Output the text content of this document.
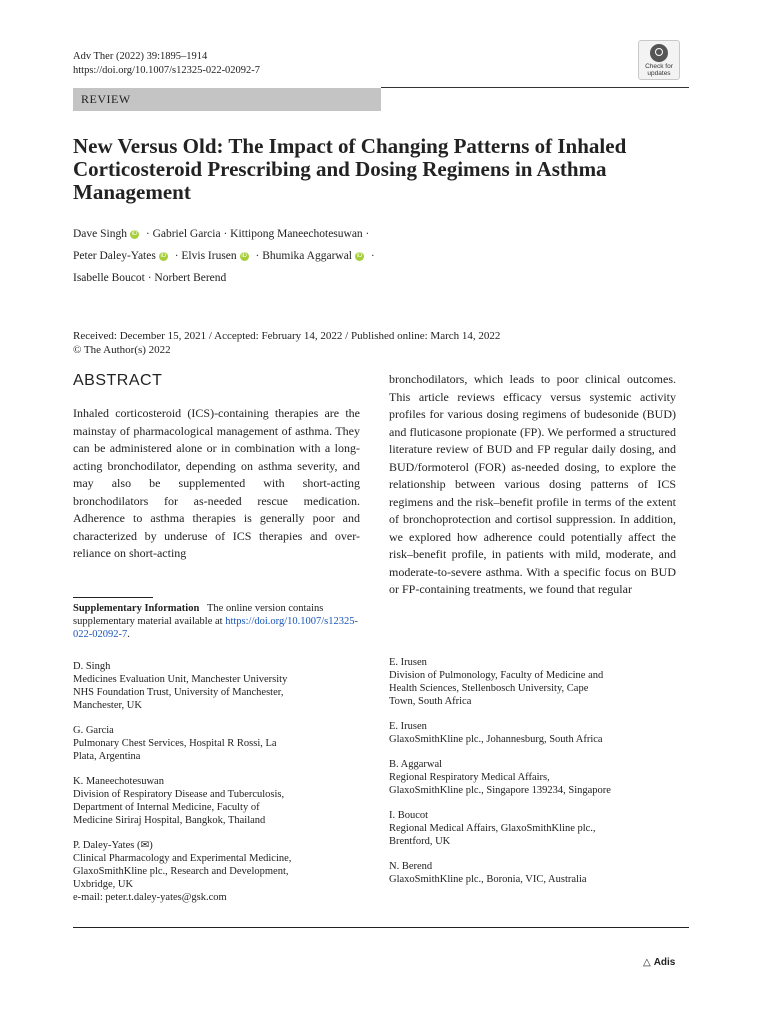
Adv Ther (2022) 39:1895–1914
https://doi.org/10.1007/s12325-022-02092-7	Check for updates
REVIEW
New Versus Old: The Impact of Changing Patterns of Inhaled Corticosteroid Prescribing and Dosing Regimens in Asthma Management
Dave Singh iD · Gabriel Garcia · Kittipong Maneechotesuwan ·
Peter Daley-Yates iD · Elvis Irusen iD · Bhumika Aggarwal iD ·
Isabelle Boucot · Norbert Berend
Received: December 15, 2021 / Accepted: February 14, 2022 / Published online: March 14, 2022
© The Author(s) 2022
ABSTRACT
Inhaled corticosteroid (ICS)-containing therapies are the mainstay of pharmacological management of asthma. They can be administered alone or in combination with a long-acting bronchodilator, depending on asthma severity, and may also be supplemented with short-acting bronchodilators for as-needed rescue medication. Adherence to asthma therapies is generally poor and characterized by underuse of ICS therapies and over-reliance on short-acting
bronchodilators, which leads to poor clinical outcomes. This article reviews efficacy versus systemic activity profiles for various dosing regimens of budesonide (BUD) and fluticasone propionate (FP). We performed a structured literature review of BUD and FP regular daily dosing, and BUD/formoterol (FOR) as-needed dosing, to explore the relationship between various dosing patterns of ICS regimens and the risk–benefit profile in terms of the extent of bronchoprotection and cortisol suppression. In addition, we explored how adherence could potentially affect the risk–benefit profile, in patients with mild, moderate, and moderate-to-severe asthma. With a specific focus on BUD or FP-containing treatments, we found that regular
Supplementary Information The online version contains supplementary material available at https://doi.org/10.1007/s12325-022-02092-7.
D. Singh
Medicines Evaluation Unit, Manchester University
NHS Foundation Trust, University of Manchester,
Manchester, UK
G. Garcia
Pulmonary Chest Services, Hospital R Rossi, La
Plata, Argentina
K. Maneechotesuwan
Division of Respiratory Disease and Tuberculosis,
Department of Internal Medicine, Faculty of
Medicine Siriraj Hospital, Bangkok, Thailand
P. Daley-Yates (✉)
Clinical Pharmacology and Experimental Medicine,
GlaxoSmithKline plc., Research and Development,
Uxbridge, UK
e-mail: peter.t.daley-yates@gsk.com
E. Irusen
Division of Pulmonology, Faculty of Medicine and
Health Sciences, Stellenbosch University, Cape
Town, South Africa
E. Irusen
GlaxoSmithKline plc., Johannesburg, South Africa
B. Aggarwal
Regional Respiratory Medical Affairs,
GlaxoSmithKline plc., Singapore 139234, Singapore
I. Boucot
Regional Medical Affairs, GlaxoSmithKline plc.,
Brentford, UK
N. Berend
GlaxoSmithKline plc., Boronia, VIC, Australia
△ Adis
